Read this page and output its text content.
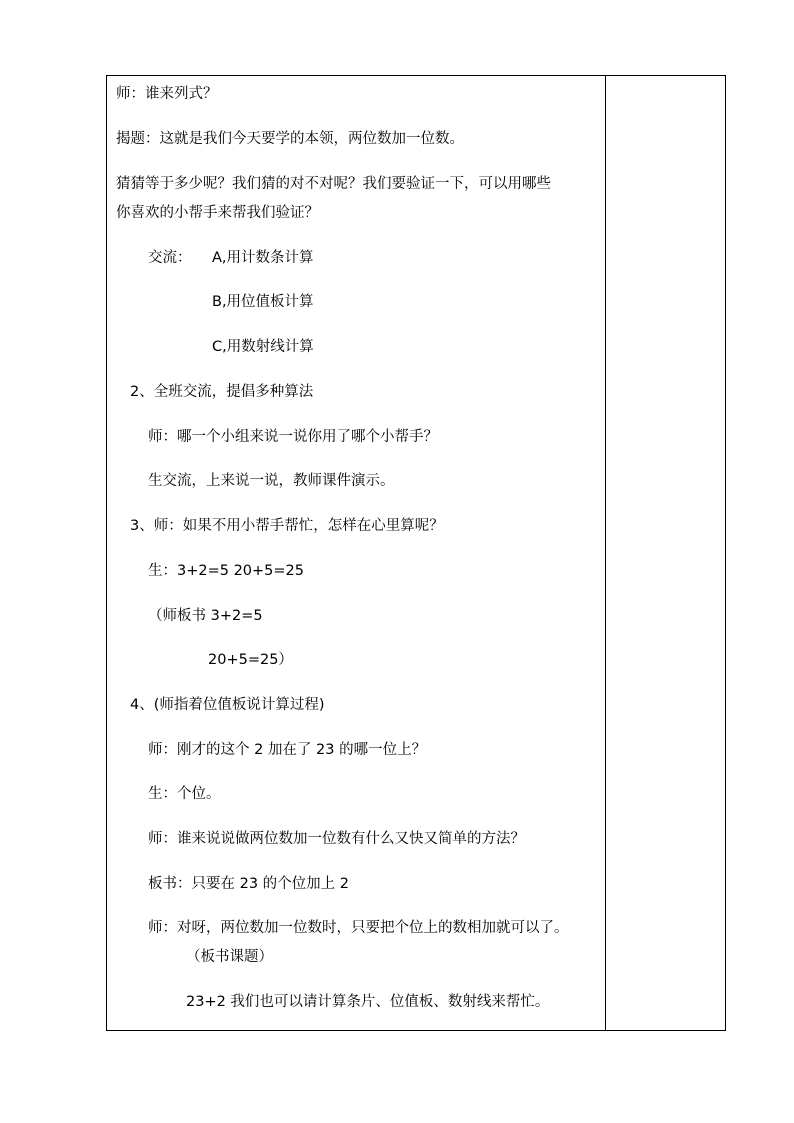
师：谁来列式？
揭题：这就是我们今天要学的本领，两位数加一位数。
猜猜等于多少呢？我们猜的对不对呢？我们要验证一下，可以用哪些
你喜欢的小帮手来帮我们验证？
交流： A,用计数条计算
B,用位值板计算
C,用数射线计算
2、全班交流，提倡多种算法
师：哪一个小组来说一说你用了哪个小帮手？
生交流，上来说一说，教师课件演示。
3、师：如果不用小帮手帮忙，怎样在心里算呢？
生：3+2=5 20+5=25
（师板书 3+2=5
20+5=25）
4、(师指着位值板说计算过程)
师：刚才的这个 2 加在了 23 的哪一位上？
生：个位。
师：谁来说说做两位数加一位数有什么又快又简单的方法？
板书：只要在 23 的个位加上 2
师：对呀，两位数加一位数时，只要把个位上的数相加就可以了。
（板书课题）
23+2 我们也可以请计算条片、位值板、数射线来帮忙。
